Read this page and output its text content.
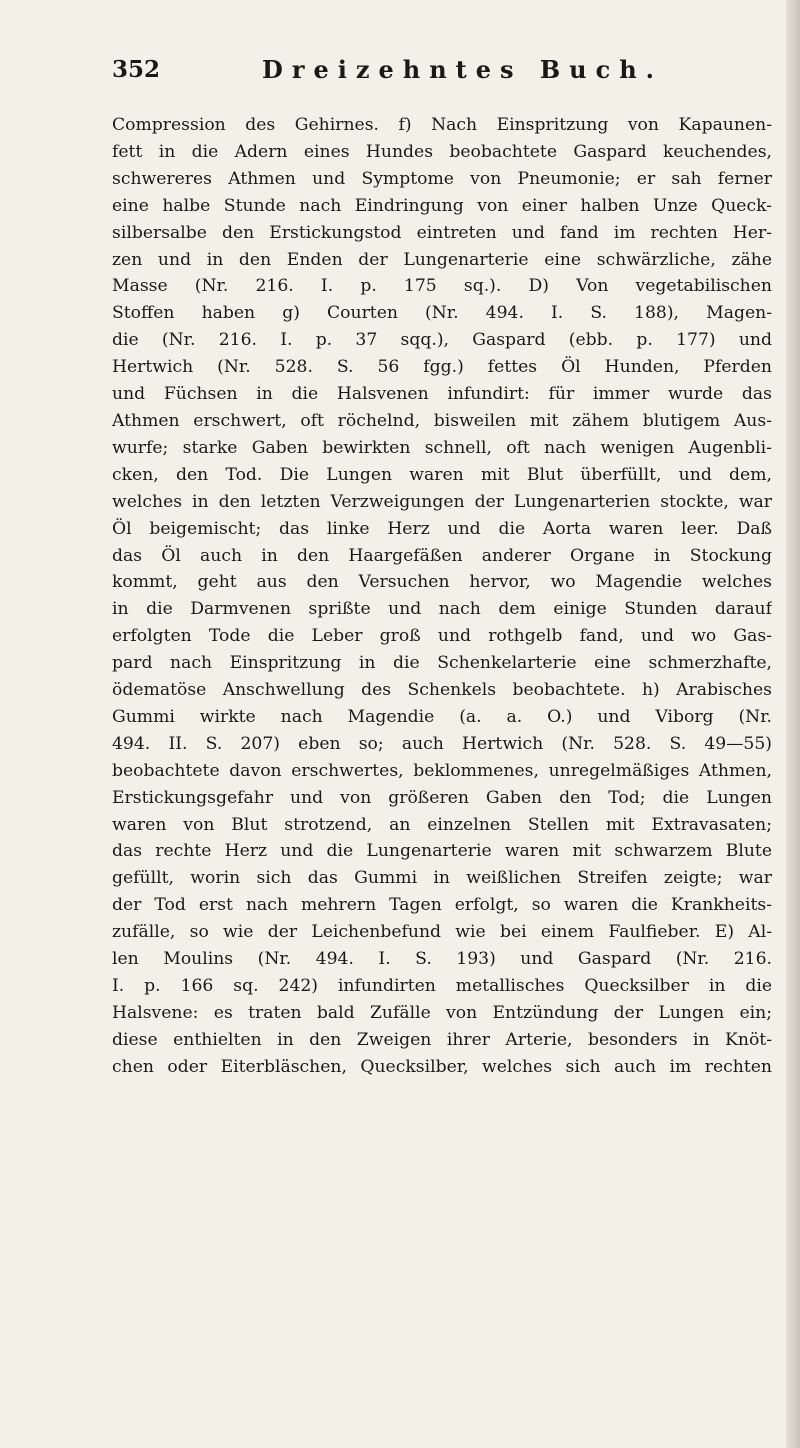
352	Dreizehntes Buch.
Compression des Gehirnes. f) Nach Einspritzung von Kapaunen-
fett in die Adern eines Hundes beobachtete Gaspard keuchendes,
schwereres Athmen und Symptome von Pneumonie; er sah ferner
eine halbe Stunde nach Eindringung von einer halben Unze Queck-
silbersalbe den Erstickungstod eintreten und fand im rechten Her-
zen und in den Enden der Lungenarterie eine schwärzliche, zähe
Masse (Nr. 216. I. p. 175 sq.). D) Von vegetabilischen
Stoffen haben g) Courten (Nr. 494. I. S. 188), Magen-
die (Nr. 216. I. p. 37 sqq.), Gaspard (ebb. p. 177) und
Hertwich (Nr. 528. S. 56 fgg.) fettes Öl Hunden, Pferden
und Füchsen in die Halsvenen infundirt: für immer wurde das
Athmen erschwert, oft röchelnd, bisweilen mit zähem blutigem Aus-
wurfe; starke Gaben bewirkten schnell, oft nach wenigen Augenbli-
cken, den Tod. Die Lungen waren mit Blut überfüllt, und dem,
welches in den letzten Verzweigungen der Lungenarterien stockte, war
Öl beigemischt; das linke Herz und die Aorta waren leer. Daß
das Öl auch in den Haargefäßen anderer Organe in Stockung
kommt, geht aus den Versuchen hervor, wo Magendie welches
in die Darmvenen sprißte und nach dem einige Stunden darauf
erfolgten Tode die Leber groß und rothgelb fand, und wo Gas-
pard nach Einspritzung in die Schenkelarterie eine schmerzhafte,
ödematöse Anschwellung des Schenkels beobachtete. h) Arabisches
Gummi wirkte nach Magendie (a. a. O.) und Viborg (Nr.
494. II. S. 207) eben so; auch Hertwich (Nr. 528. S. 49—55)
beobachtete davon erschwertes, beklommenes, unregelmäßiges Athmen,
Erstickungsgefahr und von größeren Gaben den Tod; die Lungen
waren von Blut strotzend, an einzelnen Stellen mit Extravasaten;
das rechte Herz und die Lungenarterie waren mit schwarzem Blute
gefüllt, worin sich das Gummi in weißlichen Streifen zeigte; war
der Tod erst nach mehrern Tagen erfolgt, so waren die Krankheits-
zufälle, so wie der Leichenbefund wie bei einem Faulfieber. E) Al-
len Moulins (Nr. 494. I. S. 193) und Gaspard (Nr. 216.
I. p. 166 sq. 242) infundirten metallisches Quecksilber in die
Halsvene: es traten bald Zufälle von Entzündung der Lungen ein;
diese enthielten in den Zweigen ihrer Arterie, besonders in Knöt-
chen oder Eiterbläschen, Quecksilber, welches sich auch im rechten
